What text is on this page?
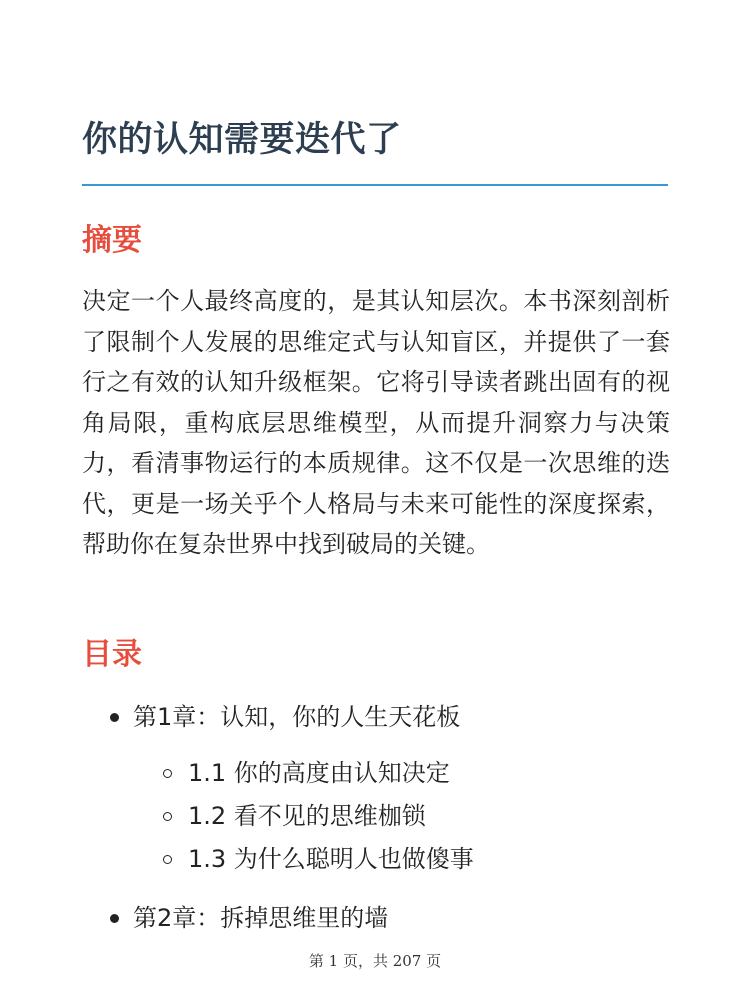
你的认知需要迭代了
摘要

决定一个人最终高度的，是其认知层次。本书深刻剖析了限制个人发展的思维定式与认知盲区，并提供了一套行之有效的认知升级框架。它将引导读者跳出固有的视角局限，重构底层思维模型，从而提升洞察力与决策力，看清事物运行的本质规律。这不仅是一次思维的迭代，更是一场关乎个人格局与未来可能性的深度探索，帮助你在复杂世界中找到破局的关键。

目录
第1章：认知，你的人生天花板
1.1 你的高度由认知决定
1.2 看不见的思维枷锁
1.3 为什么聪明人也做傻事
第2章：拆掉思维里的墙
第 1 页，共 207 页
